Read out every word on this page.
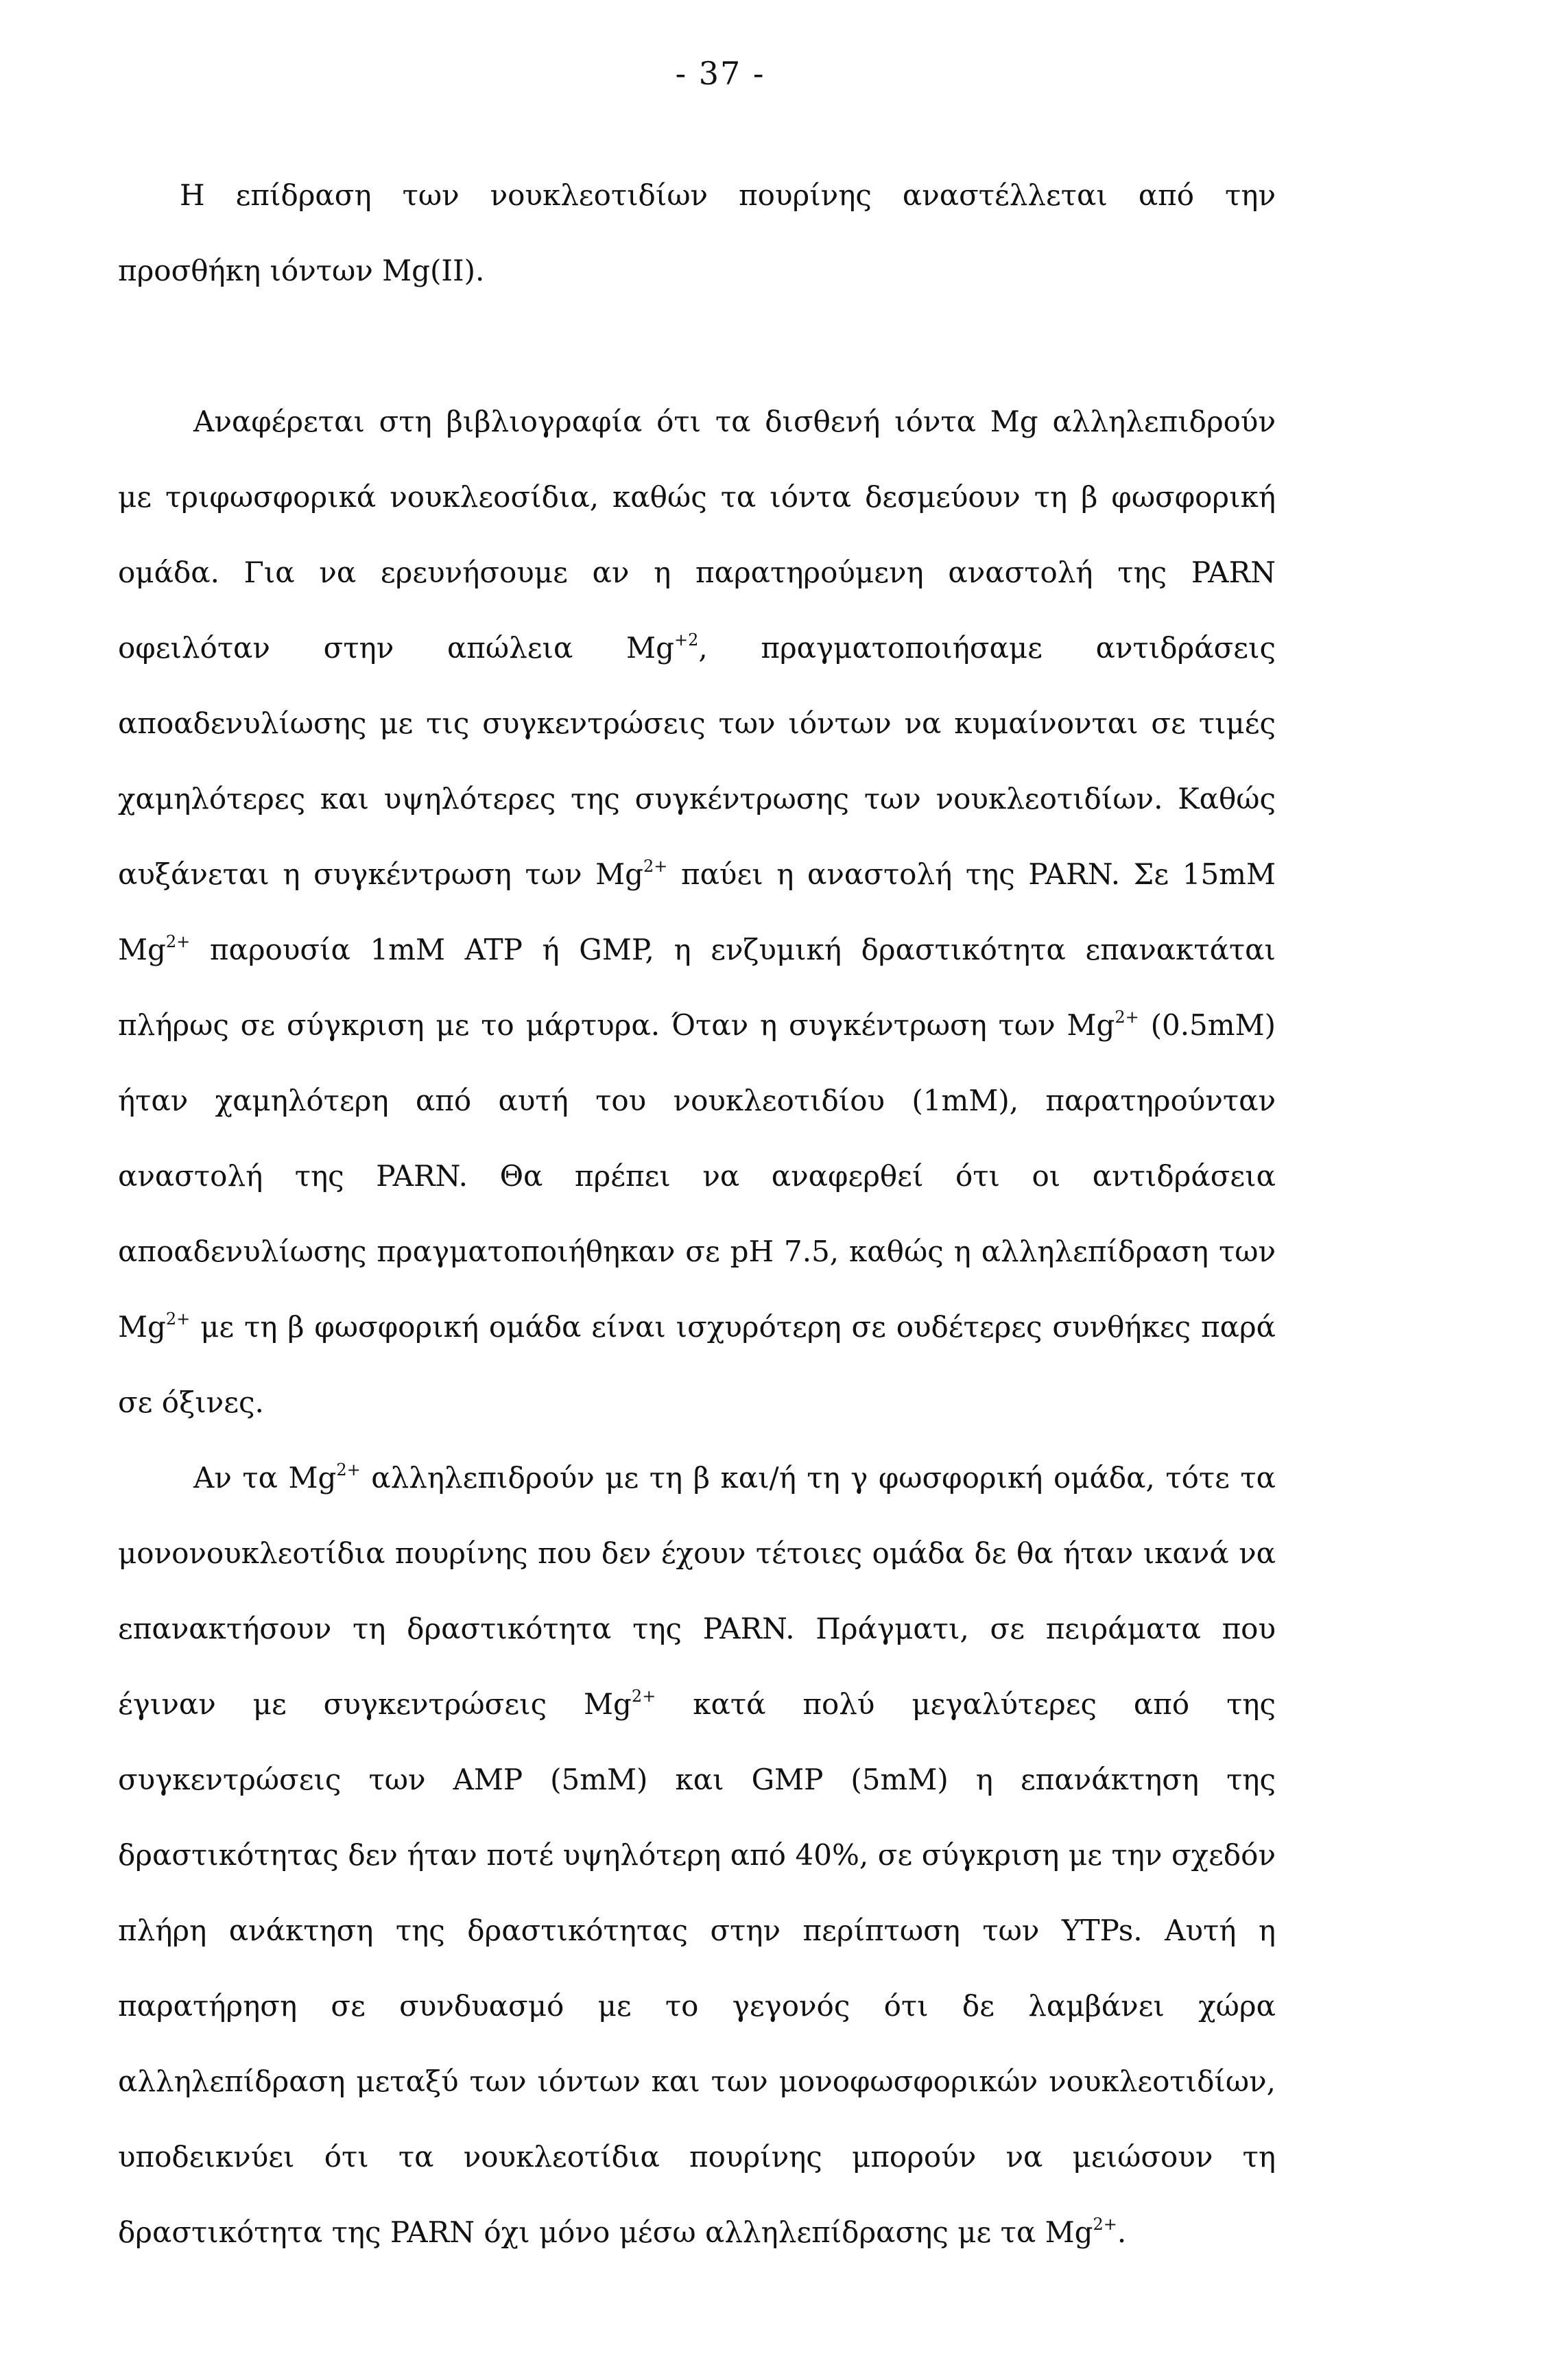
- 37 -

Η επίδραση των νουκλεοτιδίων πουρίνης αναστέλλεται από την προσθήκη ιόντων Mg(II).

Αναφέρεται στη βιβλιογραφία ότι τα δισθενή ιόντα Mg αλληλεπιδρούν με τριφωσφορικά νουκλεοσίδια, καθώς τα ιόντα δεσμεύουν τη β φωσφορική ομάδα. Για να ερευνήσουμε αν η παρατηρούμενη αναστολή της PARN οφειλόταν στην απώλεια $Mg^{+2}$, πραγματοποιήσαμε αντιδράσεις αποαδενυλίωσης με τις συγκεντρώσεις των ιόντων να κυμαίνονται σε τιμές χαμηλότερες και υψηλότερες της συγκέντρωσης των νουκλεοτιδίων. Καθώς αυξάνεται η συγκέντρωση των $Mg^{2+}$ παύει η αναστολή της PARN. Σε 15mM $Mg^{2+}$ παρουσία 1mM ATP ή GMP, η ενζυμική δραστικότητα επανακτάται πλήρως σε σύγκριση με το μάρτυρα. Όταν η συγκέντρωση των $Mg^{2+}$ (0.5mM) ήταν χαμηλότερη από αυτή του νουκλεοτιδίου (1mM), παρατηρούνταν αναστολή της PARN. Θα πρέπει να αναφερθεί ότι οι αντιδράσεια αποαδενυλίωσης πραγματοποιήθηκαν σε pH 7.5, καθώς η αλληλεπίδραση των $Mg^{2+}$ με τη β φωσφορική ομάδα είναι ισχυρότερη σε ουδέτερες συνθήκες παρά σε όξινες.

Αν τα $Mg^{2+}$ αλληλεπιδρούν με τη β και/ή τη γ φωσφορική ομάδα, τότε τα μονονουκλεοτίδια πουρίνης που δεν έχουν τέτοιες ομάδα δε θα ήταν ικανά να επανακτήσουν τη δραστικότητα της PARN. Πράγματι, σε πειράματα που έγιναν με συγκεντρώσεις $Mg^{2+}$ κατά πολύ μεγαλύτερες από της συγκεντρώσεις των AMP (5mM) και GMP (5mM) η επανάκτηση της δραστικότητας δεν ήταν ποτέ υψηλότερη από 40%, σε σύγκριση με την σχεδόν πλήρη ανάκτηση της δραστικότητας στην περίπτωση των YTPs. Αυτή η παρατήρηση σε συνδυασμό με το γεγονός ότι δε λαμβάνει χώρα αλληλεπίδραση μεταξύ των ιόντων και των μονοφωσφορικών νουκλεοτιδίων, υποδεικνύει ότι τα νουκλεοτίδια πουρίνης μπορούν να μειώσουν τη δραστικότητα της PARN όχι μόνο μέσω αλληλεπίδρασης με τα $Mg^{2+}$.
